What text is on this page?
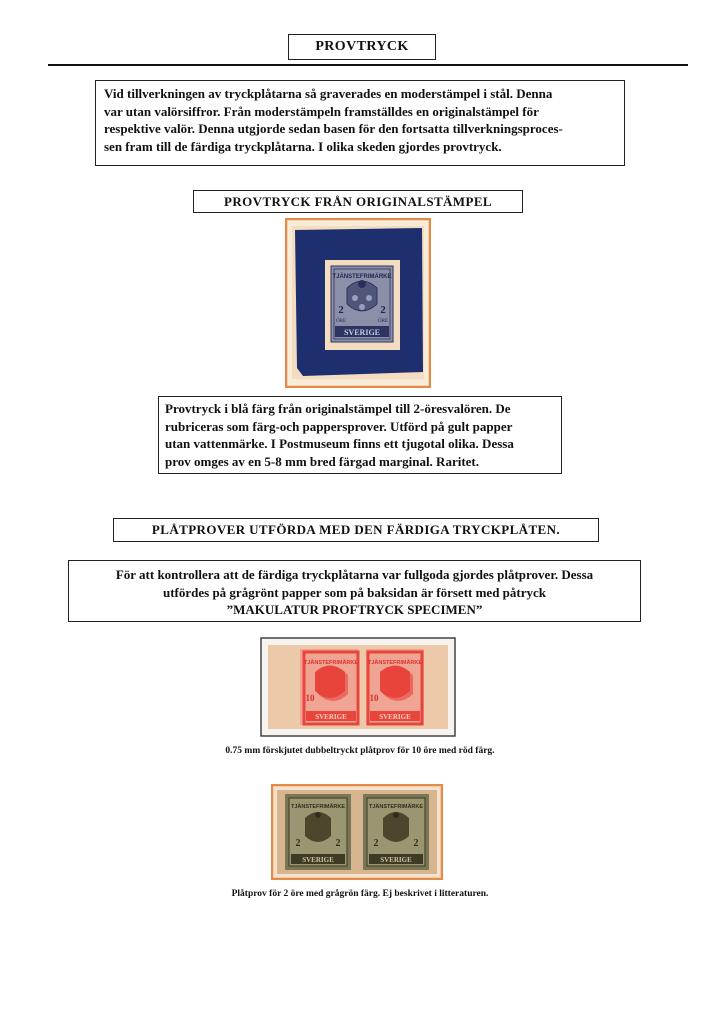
PROVTRYCK
Vid tillverkningen av tryckplåtarna så graverades en moderstämpel i stål. Denna
var utan valörsiffror. Från moderstämpeln framställdes en originalstämpel för
respektive valör. Denna utgjorde sedan basen för den fortsatta tillverkningsproces-
sen fram till de färdiga tryckplåtarna. I olika skeden gjordes provtryck.
PROVTRYCK FRÅN ORIGINALSTÄMPEL
TJÄNSTEFRIMÄRKE
2	2
ÖRE	ÖRE
SVERIGE
Provtryck i blå färg från originalstämpel till 2-öresvalören. De
rubriceras som färg-och pappersprover. Utförd på gult papper
utan vattenmärke. I Postmuseum finns ett tjugotal olika. Dessa
prov omges av en 5-8 mm bred färgad marginal. Raritet.
PLÅTPROVER UTFÖRDA MED DEN FÄRDIGA TRYCKPLÅTEN.
För att kontrollera att de färdiga tryckplåtarna var fullgoda gjordes plåtprover. Dessa
utfördes på grågrönt papper som på baksidan är försett med påtryck
”MAKULATUR PROFTRYCK SPECIMEN”
TJÄNSTEFRIMÄRKE
10
SVERIGE
TJÄNSTEFRIMÄRKE
10
SVERIGE
0.75 mm förskjutet dubbeltryckt plåtprov för 10 öre med röd färg.
TJÄNSTEFRIMÄRKE
2	2
SVERIGE
TJÄNSTEFRIMÄRKE
2	2
SVERIGE
Plåtprov för 2 öre med grågrön färg. Ej beskrivet i litteraturen.
